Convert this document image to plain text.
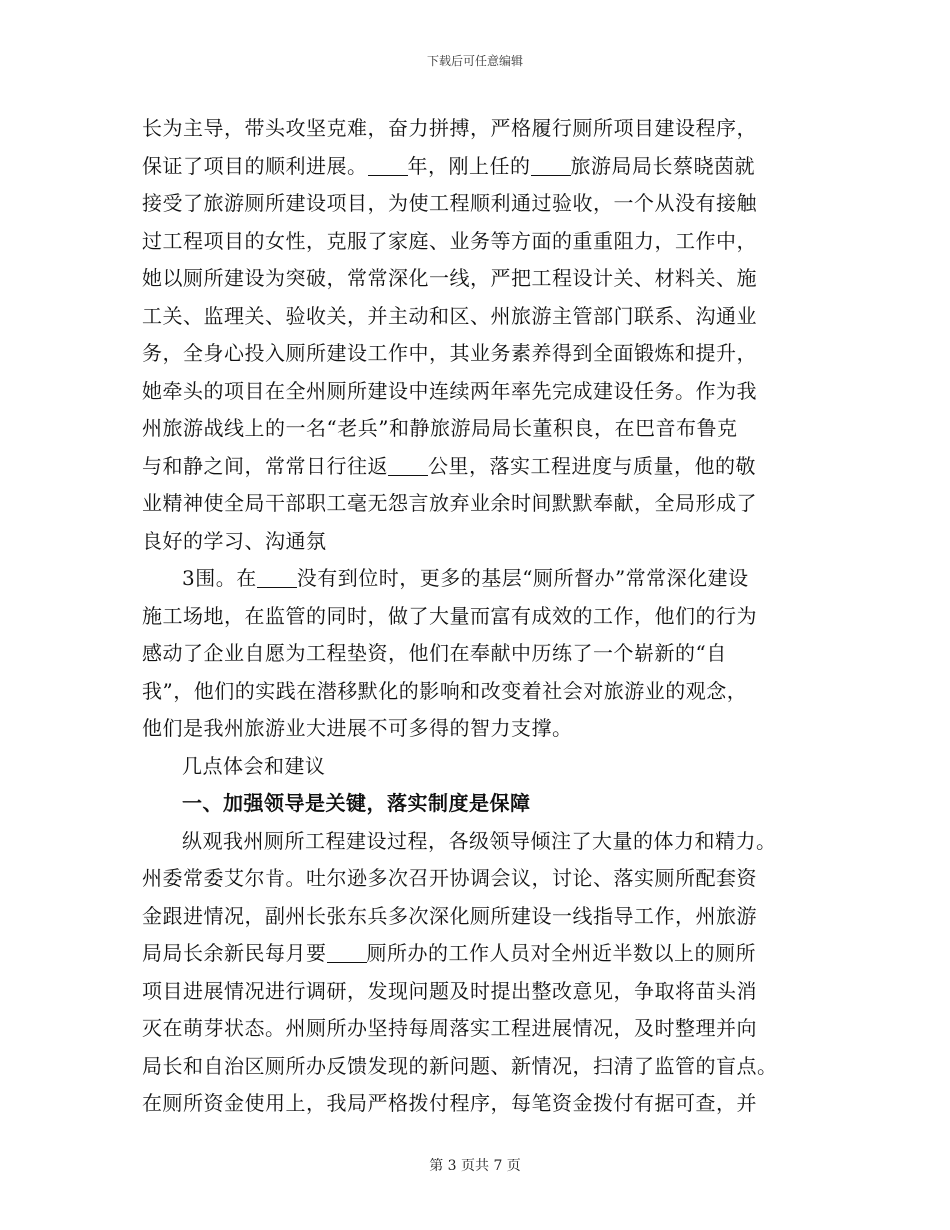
下载后可任意编辑
长为主导，带头攻坚克难，奋力拼搏，严格履行厕所项目建设程序，
保证了项目的顺利进展。 年，刚上任的 旅游局局长蔡晓茵就
接受了旅游厕所建设项目，为使工程顺利通过验收，一个从没有接触
过工程项目的女性，克服了家庭、业务等方面的重重阻力，工作中，
她以厕所建设为突破，常常深化一线，严把工程设计关、材料关、施
工关、监理关、验收关，并主动和区、州旅游主管部门联系、沟通业
务，全身心投入厕所建设工作中，其业务素养得到全面锻炼和提升，
她牵头的项目在全州厕所建设中连续两年率先完成建设任务。作为我
州旅游战线上的一名“老兵”和静旅游局局长董积良，在巴音布鲁克
与和静之间，常常日行往返 公里，落实工程进度与质量，他的敬
业精神使全局干部职工毫无怨言放弃业余时间默默奉献，全局形成了
良好的学习、沟通氛
3围。在 没有到位时，更多的基层“厕所督办”常常深化建设
施工场地，在监管的同时，做了大量而富有成效的工作，他们的行为
感动了企业自愿为工程垫资，他们在奉献中历练了一个崭新的“自
我”，他们的实践在潜移默化的影响和改变着社会对旅游业的观念，
他们是我州旅游业大进展不可多得的智力支撑。
几点体会和建议
一、加强领导是关键，落实制度是保障
纵观我州厕所工程建设过程，各级领导倾注了大量的体力和精力。
州委常委艾尔肯。吐尔逊多次召开协调会议，讨论、落实厕所配套资
金跟进情况，副州长张东兵多次深化厕所建设一线指导工作，州旅游
局局长余新民每月要 厕所办的工作人员对全州近半数以上的厕所
项目进展情况进行调研，发现问题及时提出整改意见，争取将苗头消
灭在萌芽状态。州厕所办坚持每周落实工程进展情况，及时整理并向
局长和自治区厕所办反馈发现的新问题、新情况，扫清了监管的盲点。
在厕所资金使用上，我局严格拨付程序，每笔资金拨付有据可查，并
第 3 页共 7 页
